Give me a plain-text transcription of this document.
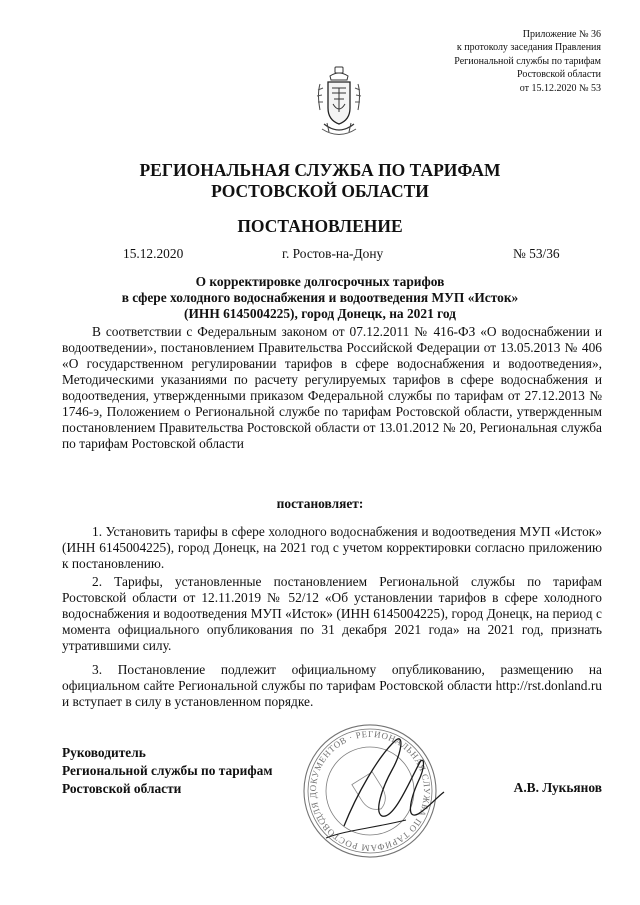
Приложение № 36
к протоколу заседания Правления
Региональной службы по тарифам
Ростовской области
от 15.12.2020 № 53
РЕГИОНАЛЬНАЯ СЛУЖБА ПО ТАРИФАМ
РОСТОВСКОЙ ОБЛАСТИ
ПОСТАНОВЛЕНИЕ
15.12.2020	г. Ростов-на-Дону	№ 53/36
О корректировке долгосрочных тарифов
в сфере холодного водоснабжения и водоотведения МУП «Исток»
(ИНН 6145004225), город Донецк, на 2021 год
В соответствии с Федеральным законом от 07.12.2011 № 416-ФЗ «О водоснабжении и водоотведении», постановлением Правительства Российской Федерации от 13.05.2013 № 406 «О государственном регулировании тарифов в сфере водоснабжения и водоотведения», Методическими указаниями по расчету регулируемых тарифов в сфере водоснабжения и водоотведения, утвержденными приказом Федеральной службы по тарифам от 27.12.2013 № 1746-э, Положением о Региональной службе по тарифам Ростовской области, утвержденным постановлением Правительства Ростовской области от 13.01.2012 № 20, Региональная служба по тарифам Ростовской области
постановляет:
1. Установить тарифы в сфере холодного водоснабжения и водоотведения МУП «Исток» (ИНН 6145004225), город Донецк, на 2021 год с учетом корректировки согласно приложению к постановлению.
2. Тарифы, установленные постановлением Региональной службы по тарифам Ростовской области от 12.11.2019 № 52/12 «Об установлении тарифов в сфере холодного водоснабжения и водоотведения МУП «Исток» (ИНН 6145004225), город Донецк, на период с момента официального опубликования по 31 декабря 2021 года» на 2021 год, признать утратившими силу.
3. Постановление подлежит официальному опубликованию, размещению на официальном сайте Региональной службы по тарифам Ростовской области http://rst.donland.ru и вступает в силу в установленном порядке.
Руководитель
Региональной службы по тарифам
Ростовской области	А.В. Лукьянов
ДЛЯ ДОКУМЕНТОВ · РЕГИОНАЛЬНАЯ СЛУЖБА ПО ТАРИФАМ РОСТОВСКОЙ
